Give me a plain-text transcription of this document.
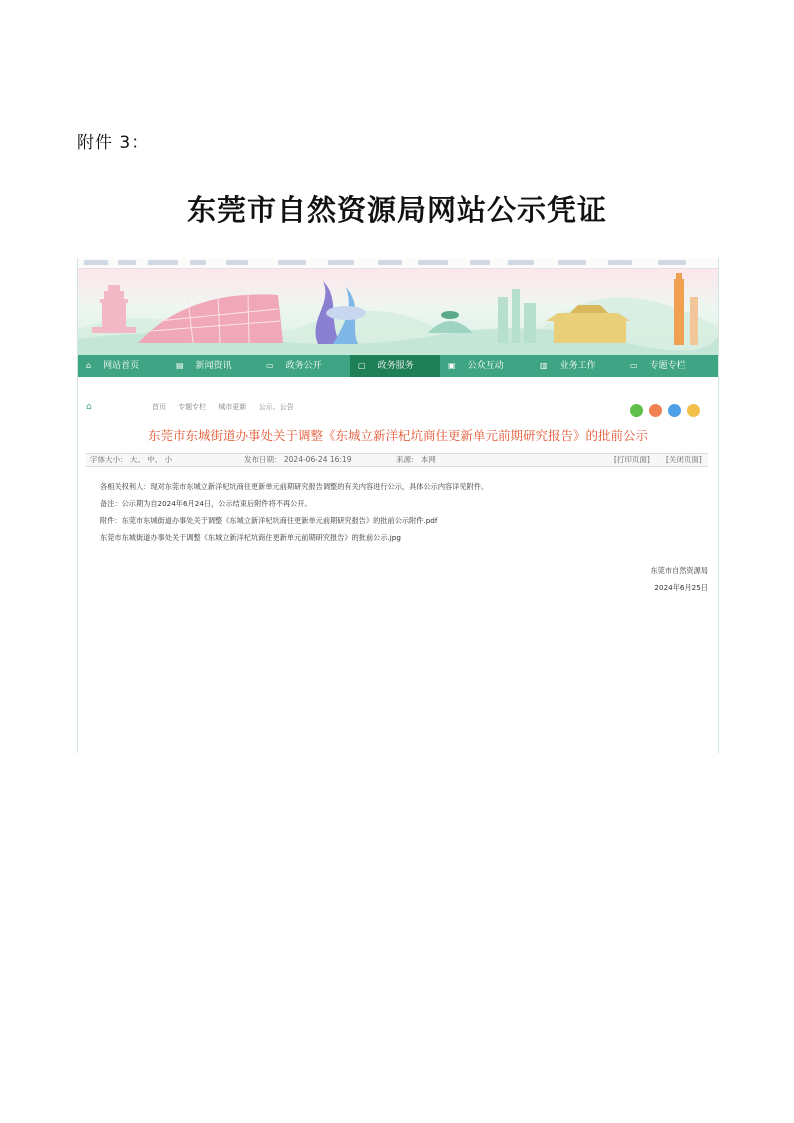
附件 3：
东莞市自然资源局网站公示凭证
⌂ 网站首页	▤ 新闻资讯	▭ 政务公开	▢ 政务服务	▣ 公众互动	▥ 业务工作	▭ 专题专栏
⌂	首页 专题专栏 城市更新 公示、公告
东莞市东城街道办事处关于调整《东城立新洋杞坑商住更新单元前期研究报告》的批前公示
字体大小： 大、 中、 小	发布日期： 2024-06-24 16:19	来源： 本网	[打印页面] [关闭页面]

各相关权利人：现对东莞市东城立新洋杞坑商住更新单元前期研究报告调整的有关内容进行公示，具体公示内容详见附件。

备注：公示期为自2024年6月24日，公示结束后附件将不再公开。

附件：东莞市东城街道办事处关于调整《东城立新洋杞坑商住更新单元前期研究报告》的批前公示附件.pdf

东莞市东城街道办事处关于调整《东城立新洋杞坑商住更新单元前期研究报告》的批前公示.jpg

东莞市自然资源局
2024年6月25日
